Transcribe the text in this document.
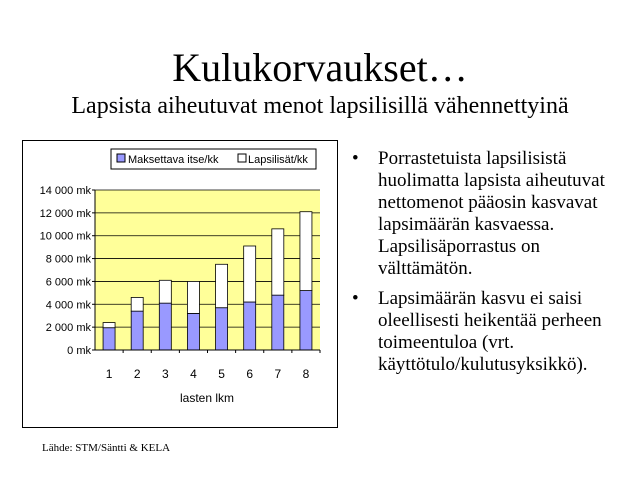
Kulukorvaukset…
Lapsista aiheutuvat menot lapsilisillä vähennettyinä
0 mk
2 000 mk
4 000 mk
6 000 mk
8 000 mk
10 000 mk
12 000 mk
14 000 mk
1 2 3 4 5 6 7 8
lasten lkm
Maksettava itse/kk	Lapsilisät/kk • Porrastetuista lapsilisistä huolimatta lapsista aiheutuvat nettomenot pääosin kasvavat lapsimäärän kasvaessa. Lapsilisäporrastus on välttämätön.
• Lapsimäärän kasvu ei saisi oleellisesti heikentää perheen toimeentuloa (vrt. käyttötulo/kulutusyksikkö).
Lähde: STM/Säntti & KELA
